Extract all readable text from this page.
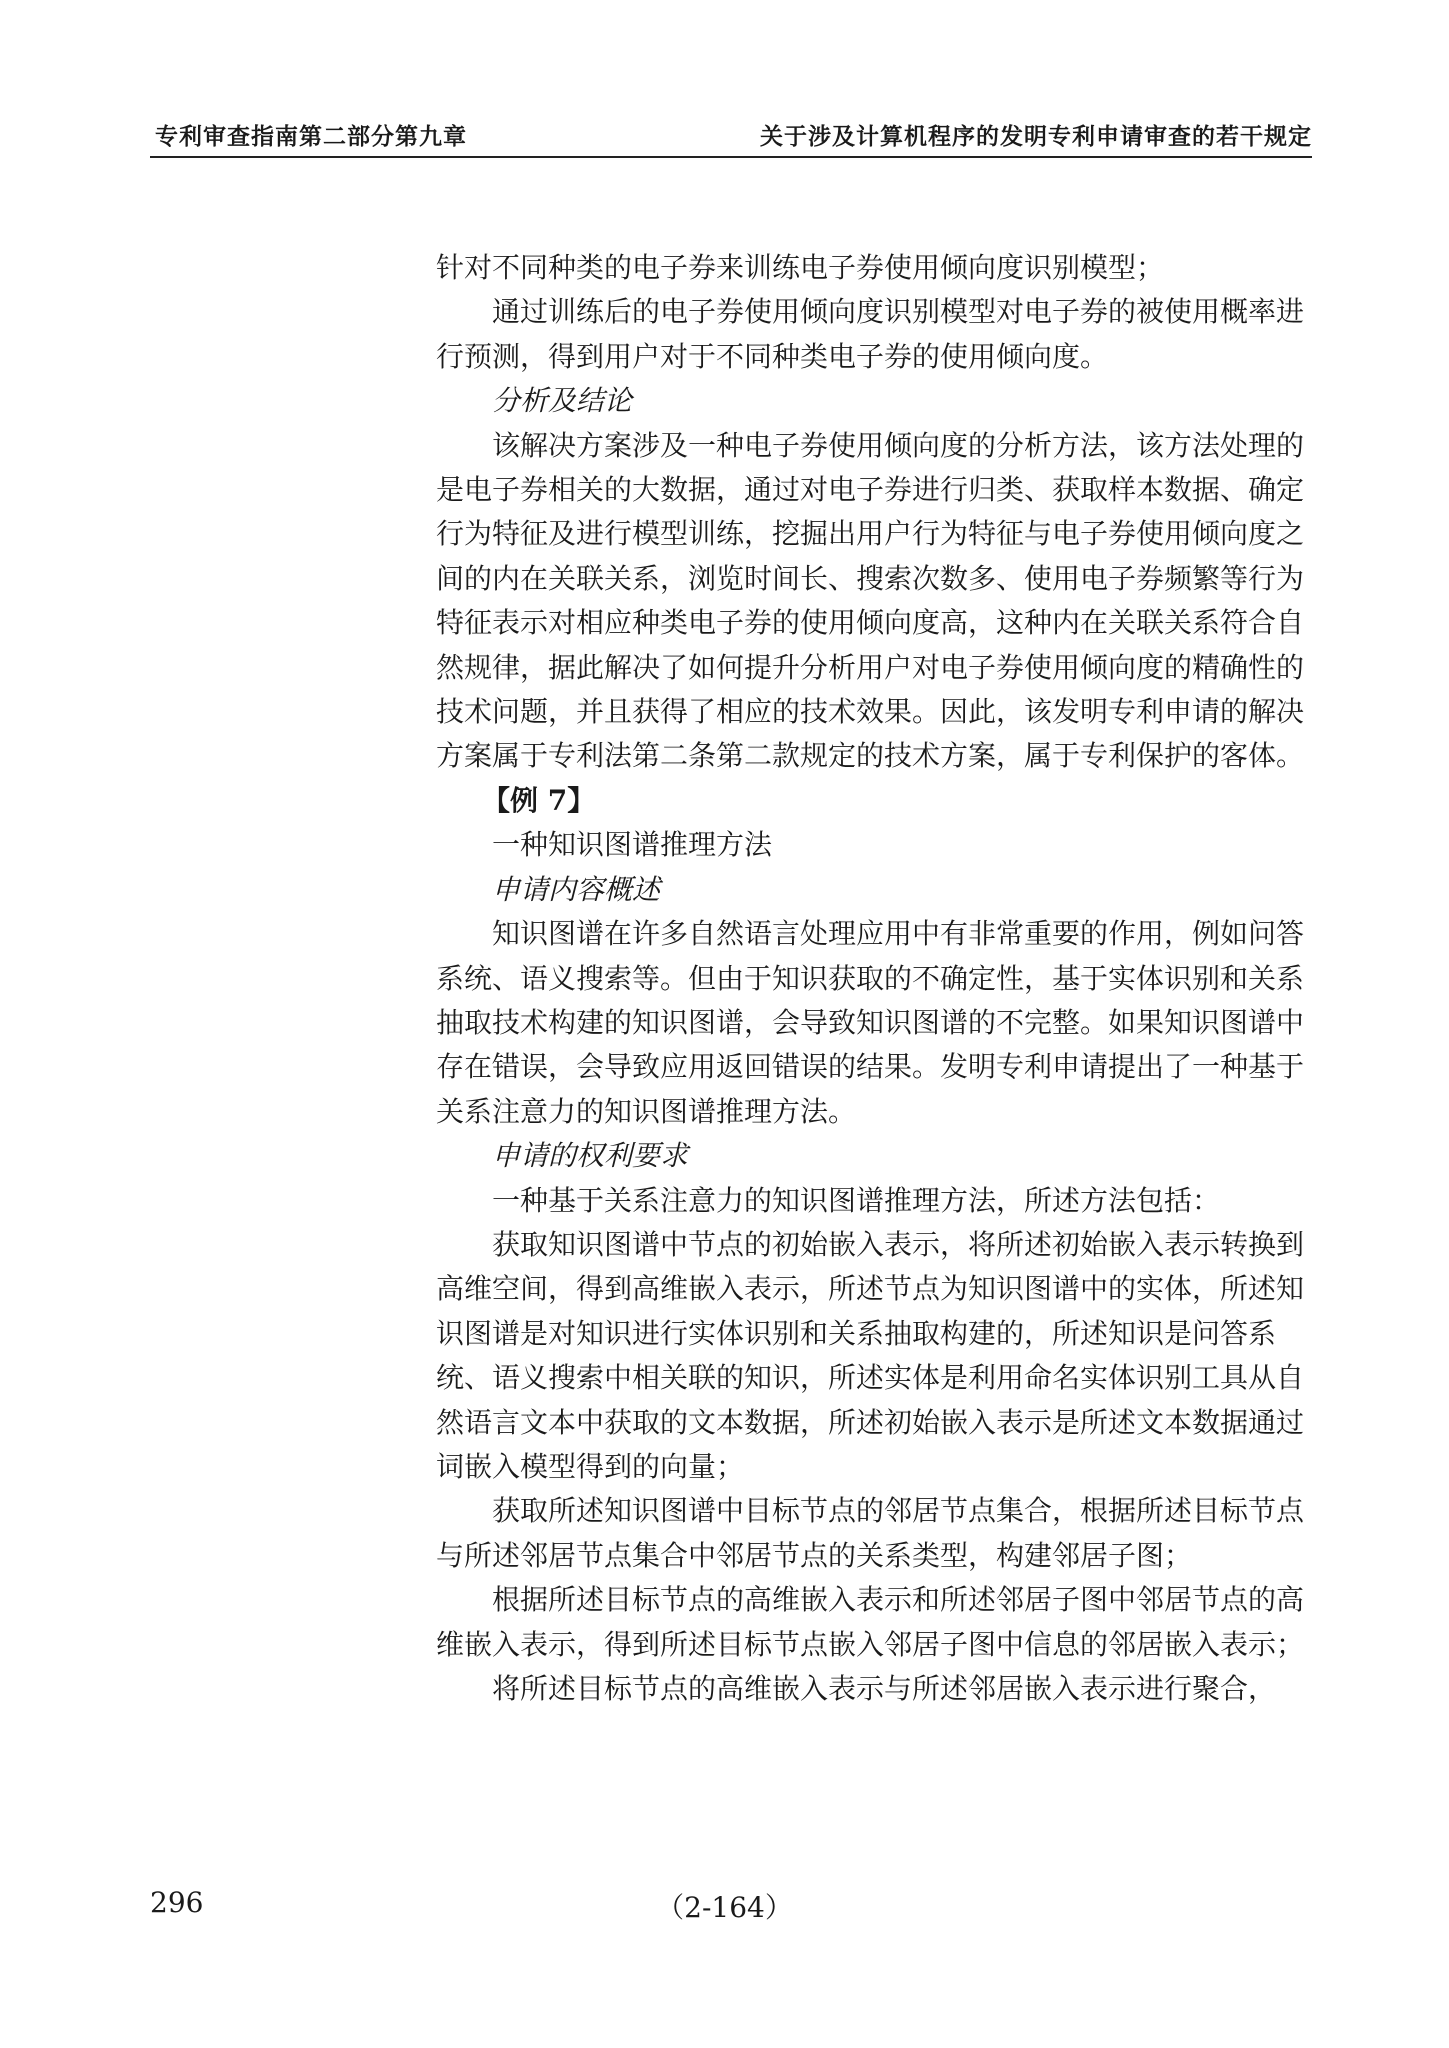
专利审查指南第二部分第九章	关于涉及计算机程序的发明专利申请审查的若干规定

针对不同种类的电子券来训练电子券使用倾向度识别模型；

通过训练后的电子券使用倾向度识别模型对电子券的被使用概率进行预测，得到用户对于不同种类电子券的使用倾向度。

分析及结论

该解决方案涉及一种电子券使用倾向度的分析方法，该方法处理的是电子券相关的大数据，通过对电子券进行归类、获取样本数据、确定行为特征及进行模型训练，挖掘出用户行为特征与电子券使用倾向度之间的内在关联关系，浏览时间长、搜索次数多、使用电子券频繁等行为特征表示对相应种类电子券的使用倾向度高，这种内在关联关系符合自然规律，据此解决了如何提升分析用户对电子券使用倾向度的精确性的技术问题，并且获得了相应的技术效果。因此，该发明专利申请的解决方案属于专利法第二条第二款规定的技术方案，属于专利保护的客体。

【例 7】

一种知识图谱推理方法

申请内容概述

知识图谱在许多自然语言处理应用中有非常重要的作用，例如问答系统、语义搜索等。但由于知识获取的不确定性，基于实体识别和关系抽取技术构建的知识图谱，会导致知识图谱的不完整。如果知识图谱中存在错误，会导致应用返回错误的结果。发明专利申请提出了一种基于关系注意力的知识图谱推理方法。

申请的权利要求

一种基于关系注意力的知识图谱推理方法，所述方法包括：

获取知识图谱中节点的初始嵌入表示，将所述初始嵌入表示转换到高维空间，得到高维嵌入表示，所述节点为知识图谱中的实体，所述知识图谱是对知识进行实体识别和关系抽取构建的，所述知识是问答系统、语义搜索中相关联的知识，所述实体是利用命名实体识别工具从自然语言文本中获取的文本数据，所述初始嵌入表示是所述文本数据通过词嵌入模型得到的向量；

获取所述知识图谱中目标节点的邻居节点集合，根据所述目标节点与所述邻居节点集合中邻居节点的关系类型，构建邻居子图；

根据所述目标节点的高维嵌入表示和所述邻居子图中邻居节点的高维嵌入表示，得到所述目标节点嵌入邻居子图中信息的邻居嵌入表示；

将所述目标节点的高维嵌入表示与所述邻居嵌入表示进行聚合，

（2-164）
296
